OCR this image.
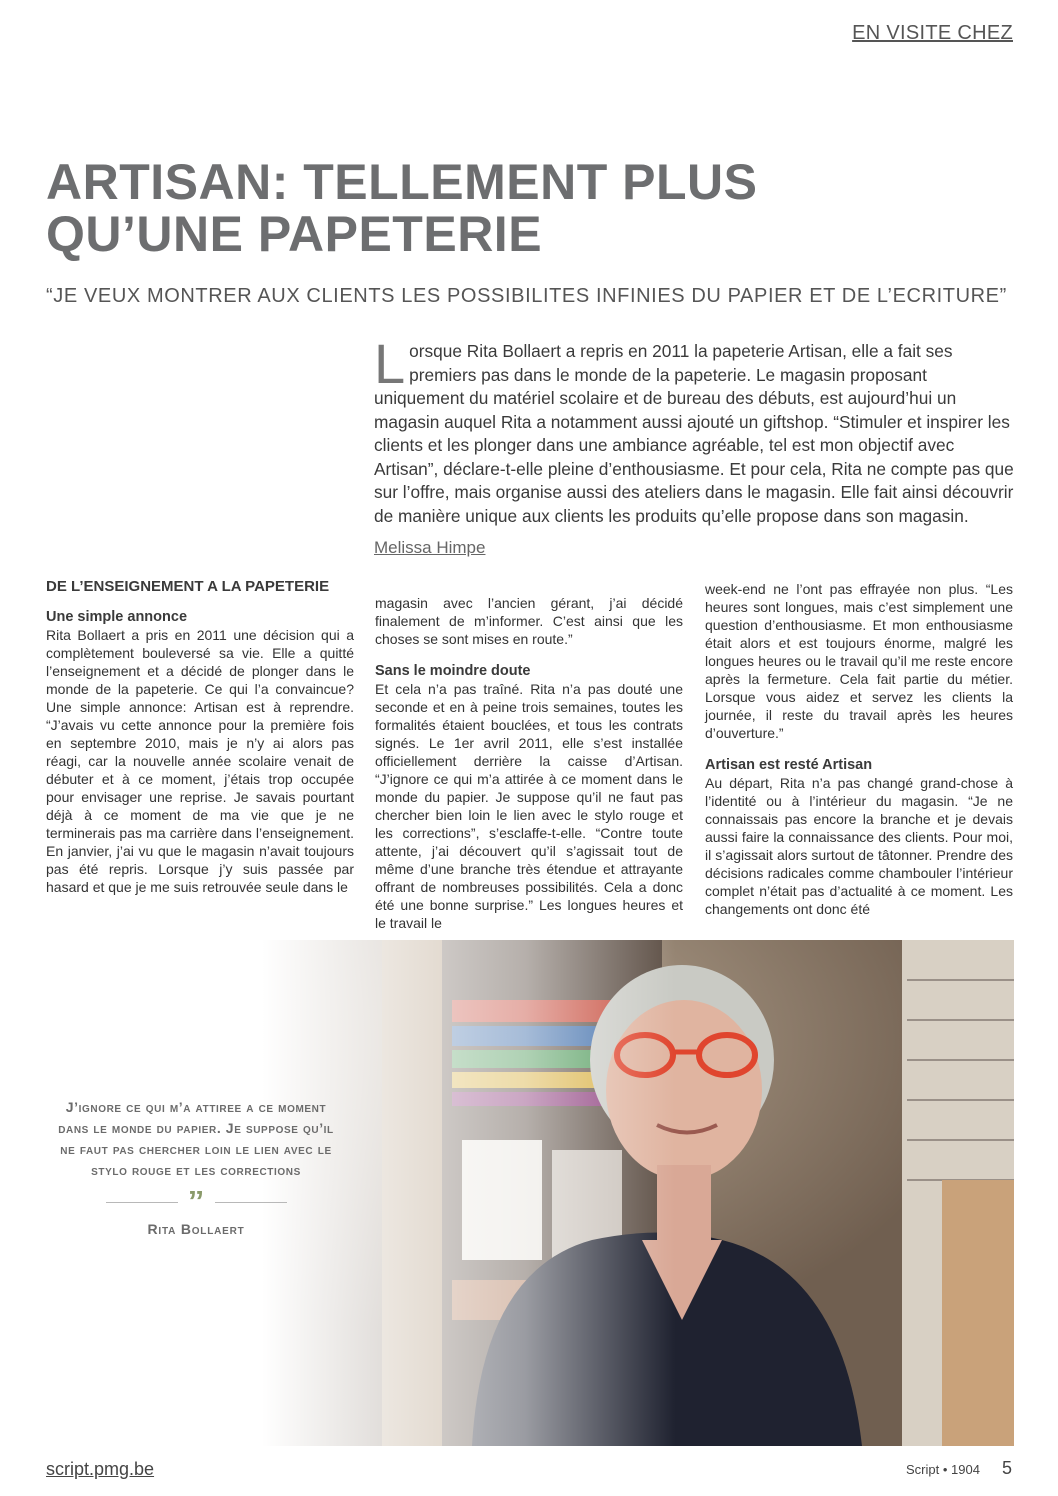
EN VISITE CHEZ
ARTISAN: TELLEMENT PLUS QU’UNE PAPETERIE
“JE VEUX MONTRER AUX CLIENTS LES POSSIBILITES INFINIES DU PAPIER ET DE L’ECRITURE”
Lorsque Rita Bollaert a repris en 2011 la papeterie Artisan, elle a fait ses premiers pas dans le monde de la papeterie. Le magasin proposant uniquement du matériel scolaire et de bureau des débuts, est aujourd’hui un magasin auquel Rita a notamment aussi ajouté un giftshop. “Stimuler et inspirer les clients et les plonger dans une ambiance agréable, tel est mon objectif avec Artisan”, déclare-t-elle pleine d’enthousiasme. Et pour cela, Rita ne compte pas que sur l’offre, mais organise aussi des ateliers dans le magasin. Elle fait ainsi découvrir de manière unique aux clients les produits qu’elle propose dans son magasin.
Melissa Himpe
DE L’ENSEIGNEMENT A LA PAPETERIE
Une simple annonce

Rita Bollaert a pris en 2011 une décision qui a complètement bouleversé sa vie. Elle a quitté l’enseignement et a décidé de plonger dans le monde de la papeterie. Ce qui l’a convaincue? Une simple annonce: Artisan est à reprendre. “J’avais vu cette annonce pour la première fois en septembre 2010, mais je n’y ai alors pas réagi, car la nouvelle année scolaire venait de débuter et à ce moment, j’étais trop occupée pour envisager une reprise. Je savais pourtant déjà à ce moment de ma vie que je ne terminerais pas ma carrière dans l’enseignement. En janvier, j’ai vu que le magasin n’avait toujours pas été repris. Lorsque j’y suis passée par hasard et que je me suis retrouvée seule dans le

magasin avec l’ancien gérant, j’ai décidé finalement de m’informer. C’est ainsi que les choses se sont mises en route.”

Sans le moindre doute

Et cela n’a pas traîné. Rita n’a pas douté une seconde et en à peine trois semaines, toutes les formalités étaient bouclées, et tous les contrats signés. Le 1er avril 2011, elle s’est installée officiellement derrière la caisse d’Artisan. “J’ignore ce qui m’a attirée à ce moment dans le monde du papier. Je suppose qu’il ne faut pas chercher bien loin le lien avec le stylo rouge et les corrections”, s’esclaffe-t-elle. “Contre toute attente, j’ai découvert qu’il s’agissait tout de même d’une branche très étendue et attrayante offrant de nombreuses possibilités. Cela a donc été une bonne surprise.” Les longues heures et le travail le

week-end ne l’ont pas effrayée non plus. “Les heures sont longues, mais c’est simplement une question d’enthousiasme. Et mon enthousiasme était alors et est toujours énorme, malgré les longues heures ou le travail qu’il me reste encore après la fermeture. Cela fait partie du métier. Lorsque vous aidez et servez les clients la journée, il reste du travail après les heures d’ouverture.”

Artisan est resté Artisan

Au départ, Rita n’a pas changé grand-chose à l’identité ou à l’intérieur du magasin. “Je ne connaissais pas encore la branche et je devais aussi faire la connaissance des clients. Pour moi, il s’agissait alors surtout de tâtonner. Prendre des décisions radicales comme chambouler l’intérieur complet n’était pas d’actualité à ce moment. Les changements ont donc été

J’ignore ce qui m’a attiree a ce moment dans le monde du papier. Je suppose qu’il ne faut pas chercher loin le lien avec le stylo rouge et les corrections
”
Rita Bollaert
script.pmg.be	Script • 1904 5
